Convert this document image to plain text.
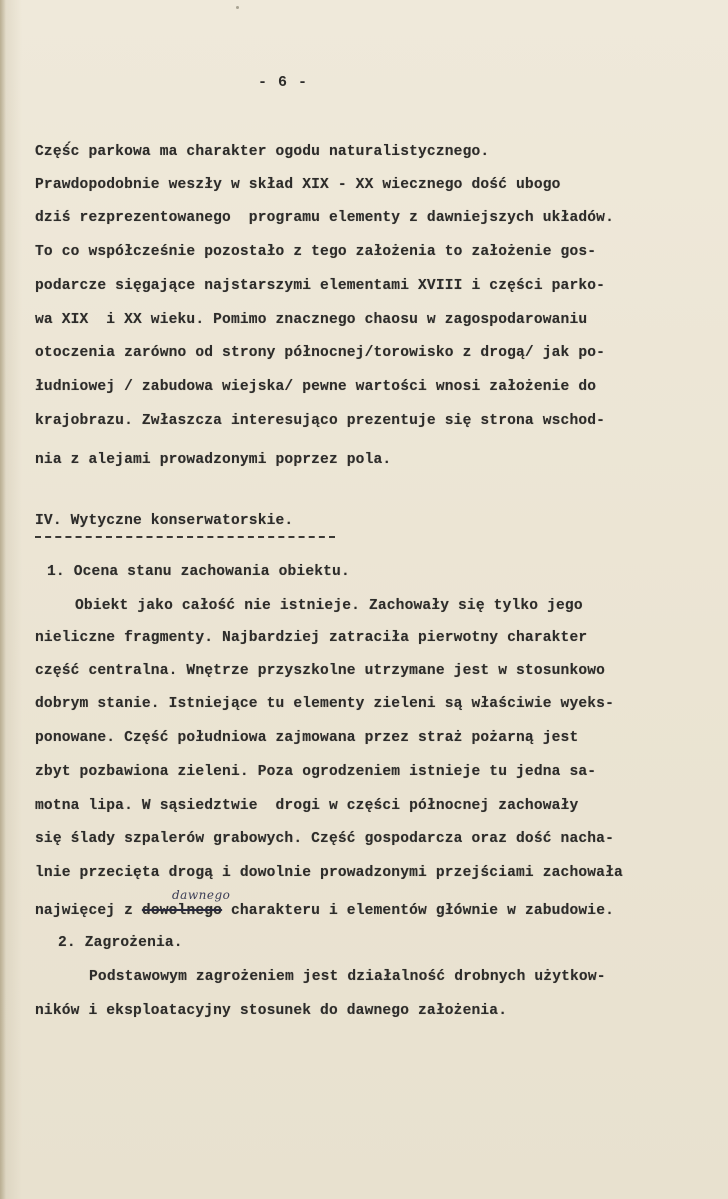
- 6 -
Częś́c parkowa ma charakter ogodu naturalistycznego.
Prawdopodobnie weszły w skład XIX - XX wiecznego dość ubogo
dziś rezprezentowanego  programu elementy z dawniejszych układów.
To co współcześnie pozostało z tego założenia to założenie gos-
podarcze sięgające najstarszymi elementami XVIII i części parko-
wa XIX  i XX wieku. Pomimo znacznego chaosu w zagospodarowaniu
otoczenia zarówno od strony północnej/torowisko z drogą/ jak po-
łudniowej / zabudowa wiejska/ pewne wartości wnosi założenie do
krajobrazu. Zwłaszcza interesująco prezentuje się strona wschod-
nia z alejami prowadzonymi poprzez pola.
IV. Wytyczne konserwatorskie.
1. Ocena stanu zachowania obiektu.
Obiekt jako całość nie istnieje. Zachowały się tylko jego
nieliczne fragmenty. Najbardziej zatraciła pierwotny charakter
część centralna. Wnętrze przyszkolne utrzymane jest w stosunkowo
dobrym stanie. Istniejące tu elementy zieleni są właściwie wyeks-
ponowane. Część południowa zajmowana przez straż pożarną jest
zbyt pozbawiona zieleni. Poza ogrodzeniem istnieje tu jedna sa-
motna lipa. W sąsiedztwie  drogi w części północnej zachowały
się ślady szpalerów grabowych. Część gospodarcza oraz dość nacha-
lnie przecięta drogą i dowolnie prowadzonymi przejściami zachowała
dawnego
najwięcej z dowolnego charakteru i elementów głównie w zabudowie.
2. Zagrożenia.
Podstawowym zagrożeniem jest działalność drobnych użytkow-
ników i eksploatacyjny stosunek do dawnego założenia.
